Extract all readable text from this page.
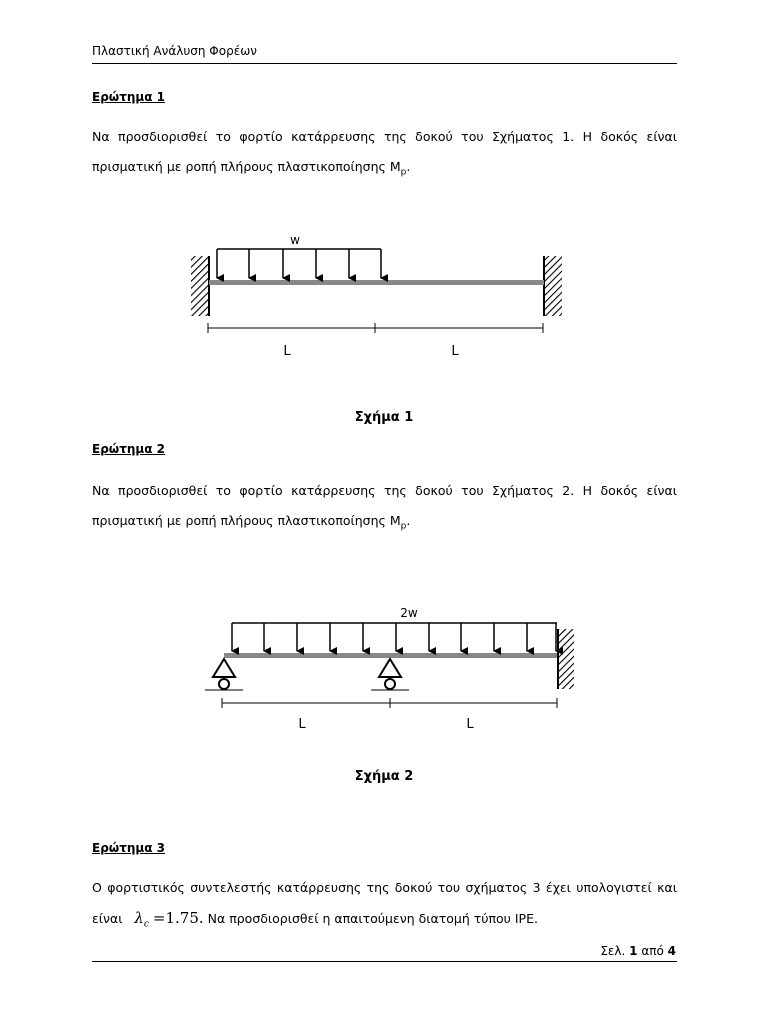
Πλαστική Ανάλυση Φορέων
Ερώτημα 1
Να προσδιορισθεί το φορτίο κατάρρευσης της δοκού του Σχήματος 1. Η δοκός είναι
πρισματική με ροπή πλήρους πλαστικοποίησης $M_p$.
w
L	L
Σχήμα 1
Ερώτημα 2
Να προσδιορισθεί το φορτίο κατάρρευσης της δοκού του Σχήματος 2. Η δοκός είναι
πρισματική με ροπή πλήρους πλαστικοποίησης $M_p$.
2w
L	L
Σχήμα 2
Ερώτημα 3
Ο φορτιστικός συντελεστής κατάρρευσης της δοκού του σχήματος 3 έχει υπολογιστεί και
είναι $\lambda_c =1.75$. Να προσδιορισθεί η απαιτούμενη διατομή τύπου IPE.
Σελ. 1 από 4
